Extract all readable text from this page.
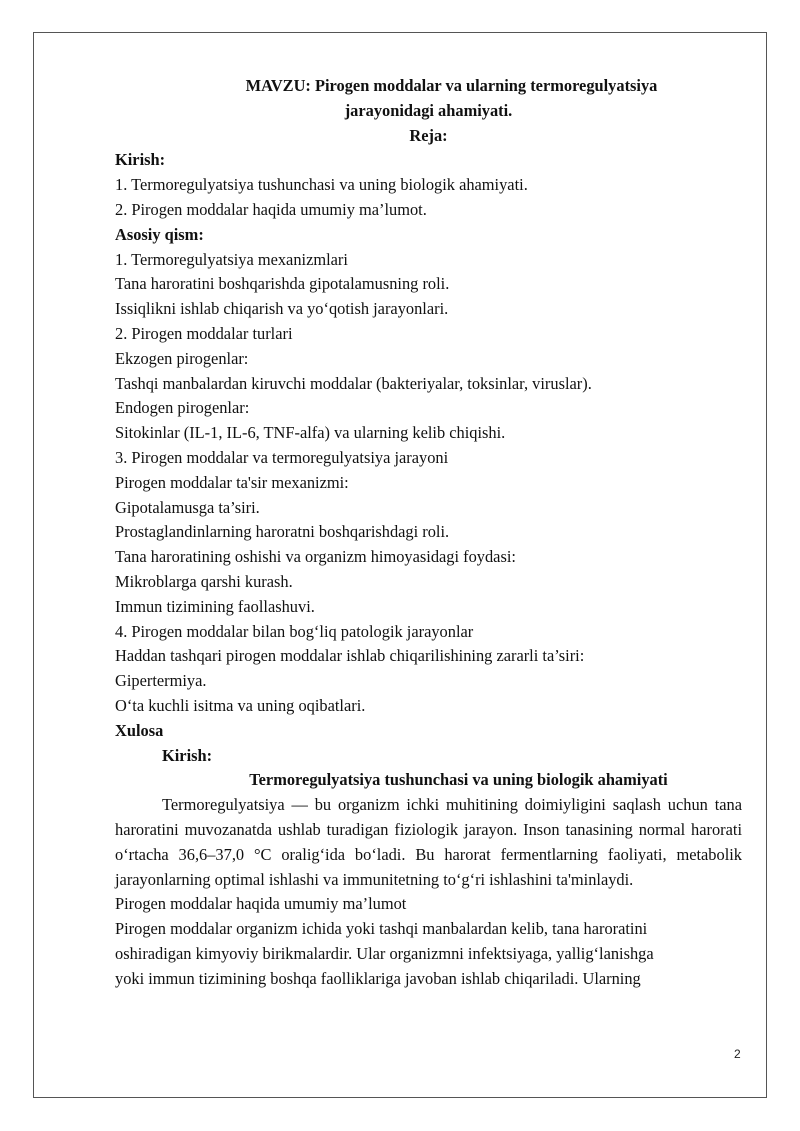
MAVZU: Pirogen moddalar va ularning termoregulyatsiya
jarayonidagi ahamiyati.

Reja:

Kirish:

1. Termoregulyatsiya tushunchasi va uning biologik ahamiyati.

2. Pirogen moddalar haqida umumiy ma’lumot.

Asosiy qism:

1. Termoregulyatsiya mexanizmlari

Tana haroratini boshqarishda gipotalamusning roli.

Issiqlikni ishlab chiqarish va yo‘qotish jarayonlari.

2. Pirogen moddalar turlari

Ekzogen pirogenlar:

Tashqi manbalardan kiruvchi moddalar (bakteriyalar, toksinlar, viruslar).

Endogen pirogenlar:

Sitokinlar (IL-1, IL-6, TNF-alfa) va ularning kelib chiqishi.

3. Pirogen moddalar va termoregulyatsiya jarayoni

Pirogen moddalar ta'sir mexanizmi:

Gipotalamusga ta’siri.

Prostaglandinlarning haroratni boshqarishdagi roli.

Tana haroratining oshishi va organizm himoyasidagi foydasi:

Mikroblarga qarshi kurash.

Immun tizimining faollashuvi.

4. Pirogen moddalar bilan bog‘liq patologik jarayonlar

Haddan tashqari pirogen moddalar ishlab chiqarilishining zararli ta’siri:

Gipertermiya.

O‘ta kuchli isitma va uning oqibatlari.

Xulosa

Kirish:

Termoregulyatsiya tushunchasi va uning biologik ahamiyati

Termoregulyatsiya — bu organizm ichki muhitining doimiyligini saqlash uchun tana haroratini muvozanatda ushlab turadigan fiziologik jarayon. Inson tanasining normal harorati o‘rtacha 36,6–37,0 °C oralig‘ida bo‘ladi. Bu harorat fermentlarning faoliyati, metabolik jarayonlarning optimal ishlashi va immunitetning to‘g‘ri ishlashini ta'minlaydi.

Pirogen moddalar haqida umumiy ma’lumot

Pirogen moddalar organizm ichida yoki tashqi manbalardan kelib, tana haroratini

oshiradigan kimyoviy birikmalardir. Ular organizmni infektsiyaga, yallig‘lanishga

yoki immun tizimining boshqa faolliklariga javoban ishlab chiqariladi. Ularning

2
